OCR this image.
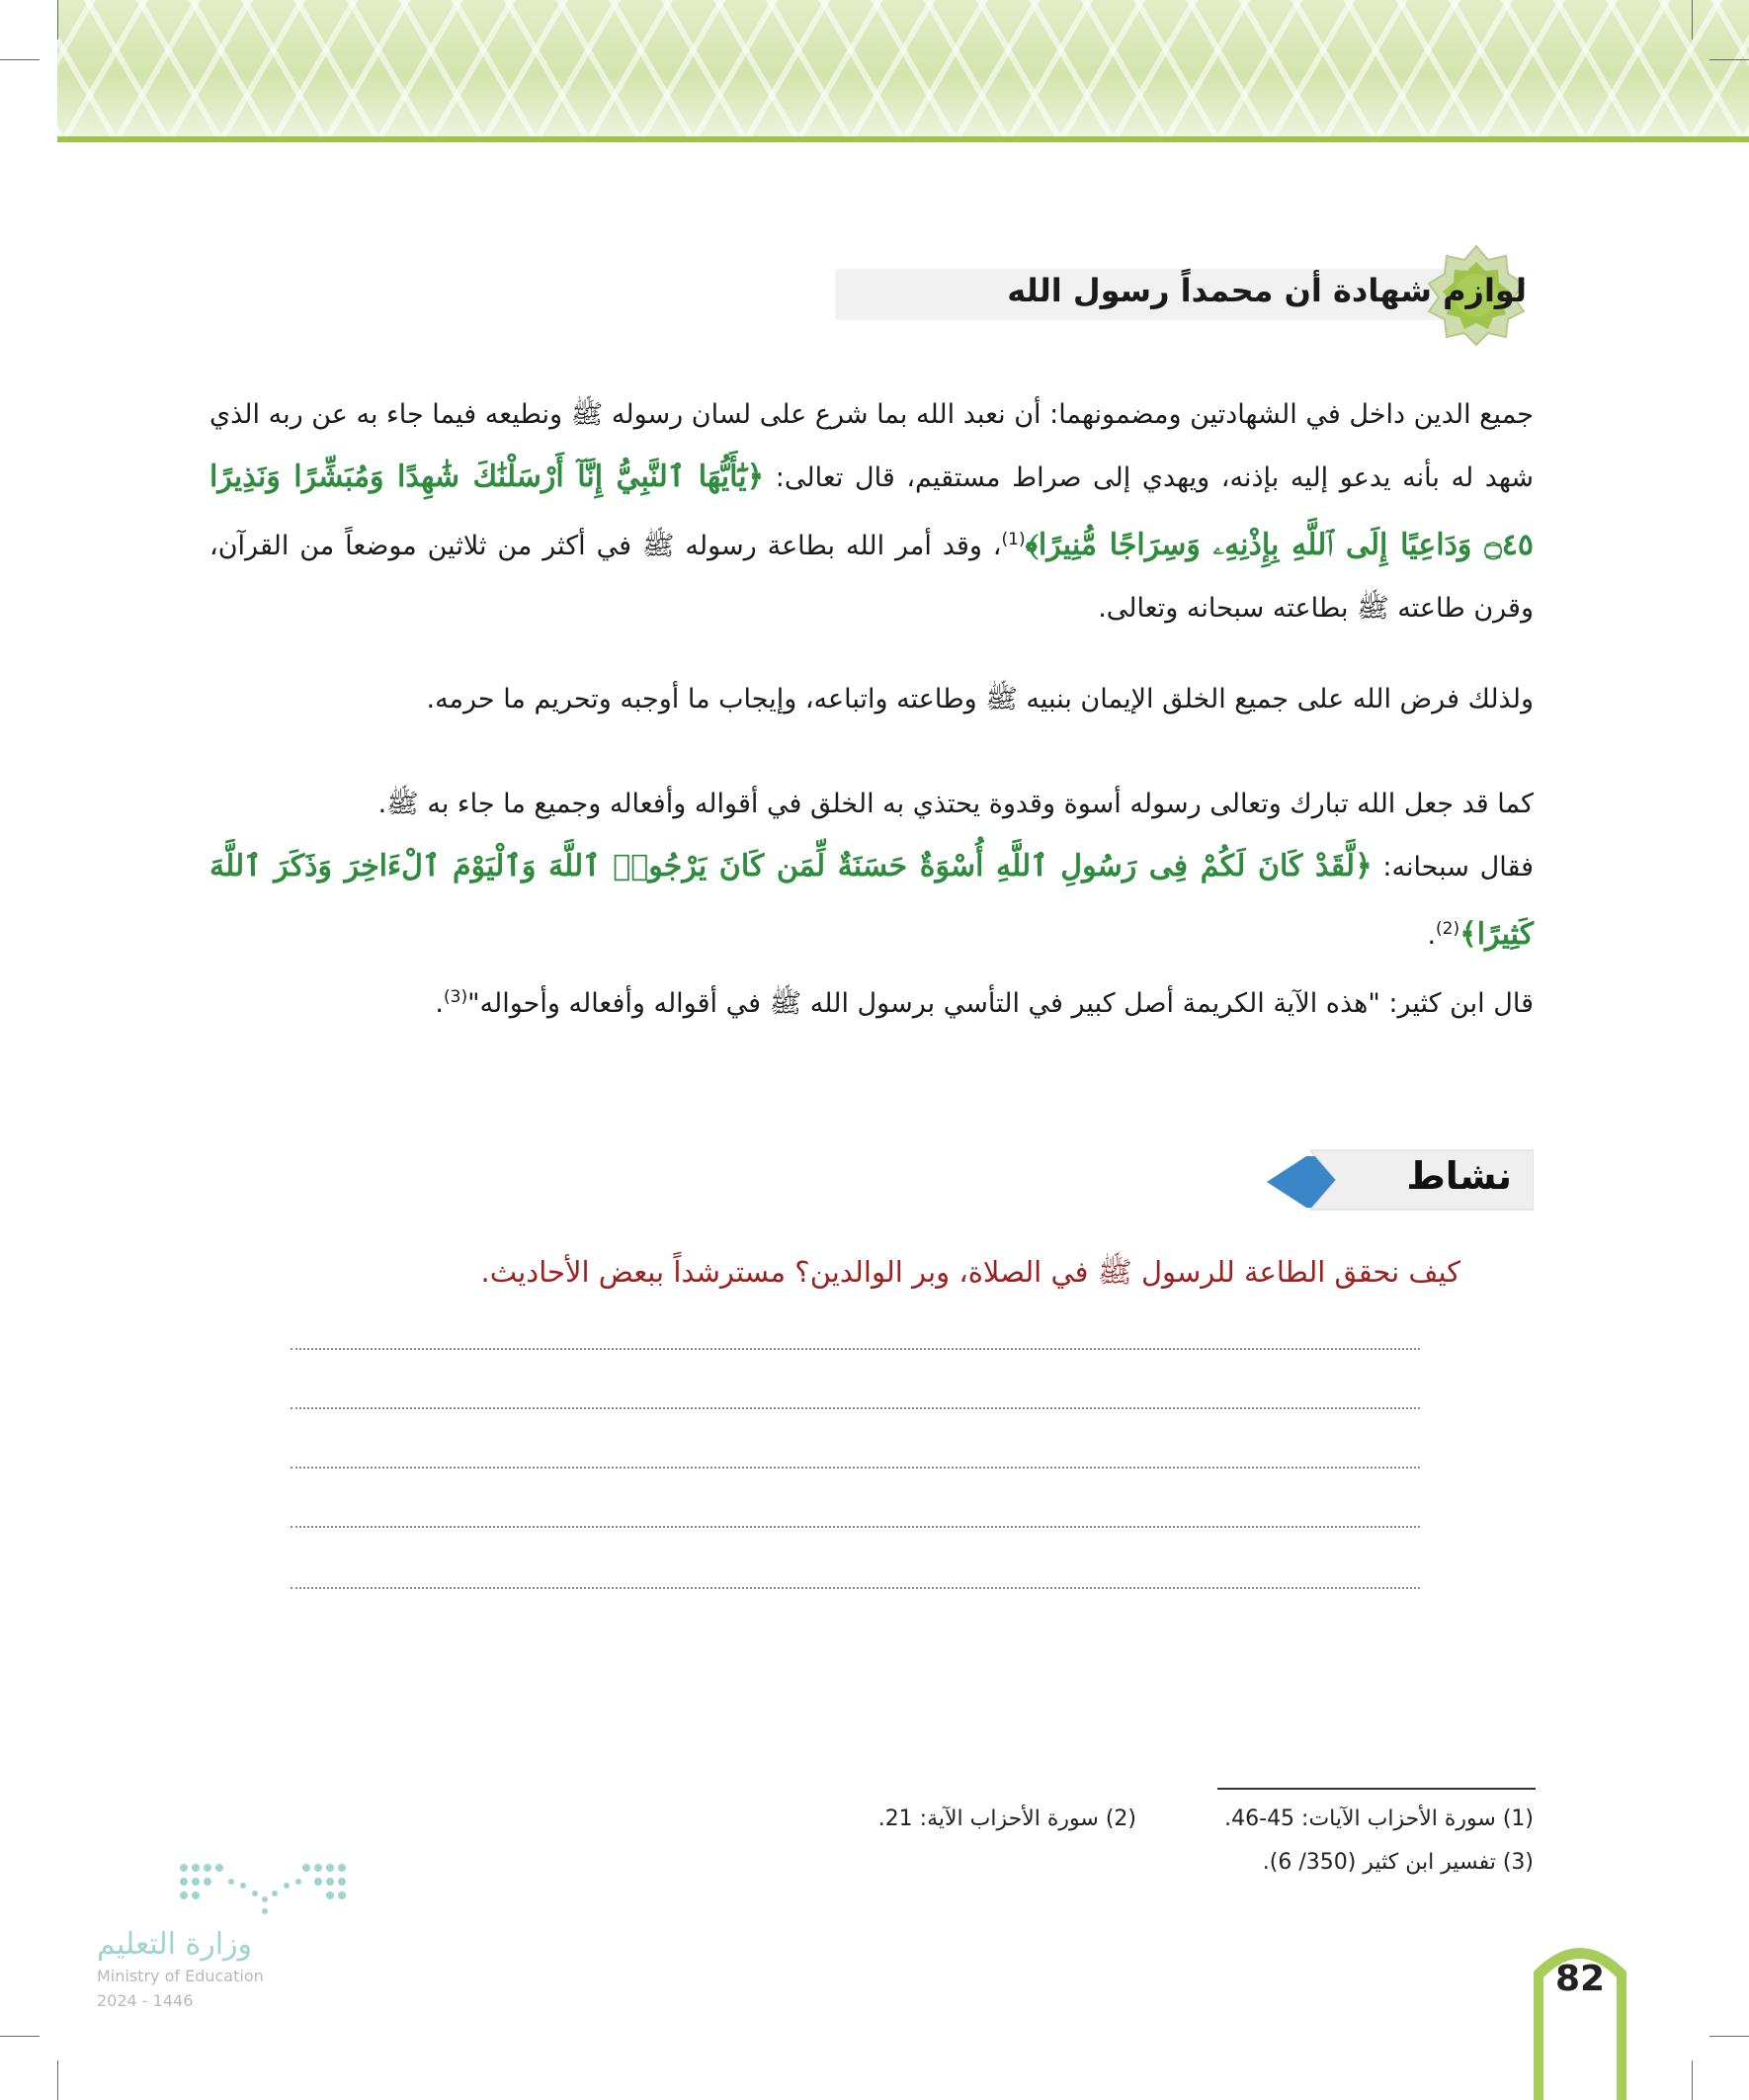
لوازم شهادة أن محمداً رسول الله

جميع الدين داخل في الشهادتين ومضمونهما: أن نعبد الله بما شرع على لسان رسوله ﷺ ونطيعه فيما جاء به عن ربه الذي شهد له بأنه يدعو إليه بإذنه، ويهدي إلى صراط مستقيم، قال تعالى: ﴿يَٰٓأَيُّهَا ٱلنَّبِيُّ إِنَّآ أَرْسَلْنَٰكَ شَٰهِدًا وَمُبَشِّرًا وَنَذِيرًا ۝٤٥ وَدَاعِيًا إِلَى ٱللَّهِ بِإِذْنِهِۦ وَسِرَاجًا مُّنِيرًا﴾$^{(1)}$، وقد أمر الله بطاعة رسوله ﷺ في أكثر من ثلاثين موضعاً من القرآن، وقرن طاعته ﷺ بطاعته سبحانه وتعالى.

ولذلك فرض الله على جميع الخلق الإيمان بنبيه ﷺ وطاعته واتباعه، وإيجاب ما أوجبه وتحريم ما حرمه.

كما قد جعل الله تبارك وتعالى رسوله أسوة وقدوة يحتذي به الخلق في أقواله وأفعاله وجميع ما جاء به ﷺ.
فقال سبحانه: ﴿لَّقَدْ كَانَ لَكُمْ فِى رَسُولِ ٱللَّهِ أُسْوَةٌ حَسَنَةٌ لِّمَن كَانَ يَرْجُوا۟ ٱللَّهَ وَٱلْيَوْمَ ٱلْءَاخِرَ وَذَكَرَ ٱللَّهَ كَثِيرًا﴾$^{(2)}$.
قال ابن كثير: "هذه الآية الكريمة أصل كبير في التأسي برسول الله ﷺ في أقواله وأفعاله وأحواله"$^{(3)}$.

نشاط
كيف نحقق الطاعة للرسول ﷺ في الصلاة، وبر الوالدين؟ مسترشداً ببعض الأحاديث.
(1) سورة الأحزاب الآيات: 45-46.
(2) سورة الأحزاب الآية: 21.
(3) تفسير ابن كثير (350/ 6).
وزارة التعليم
Ministry of Education
2024 - 1446
82
